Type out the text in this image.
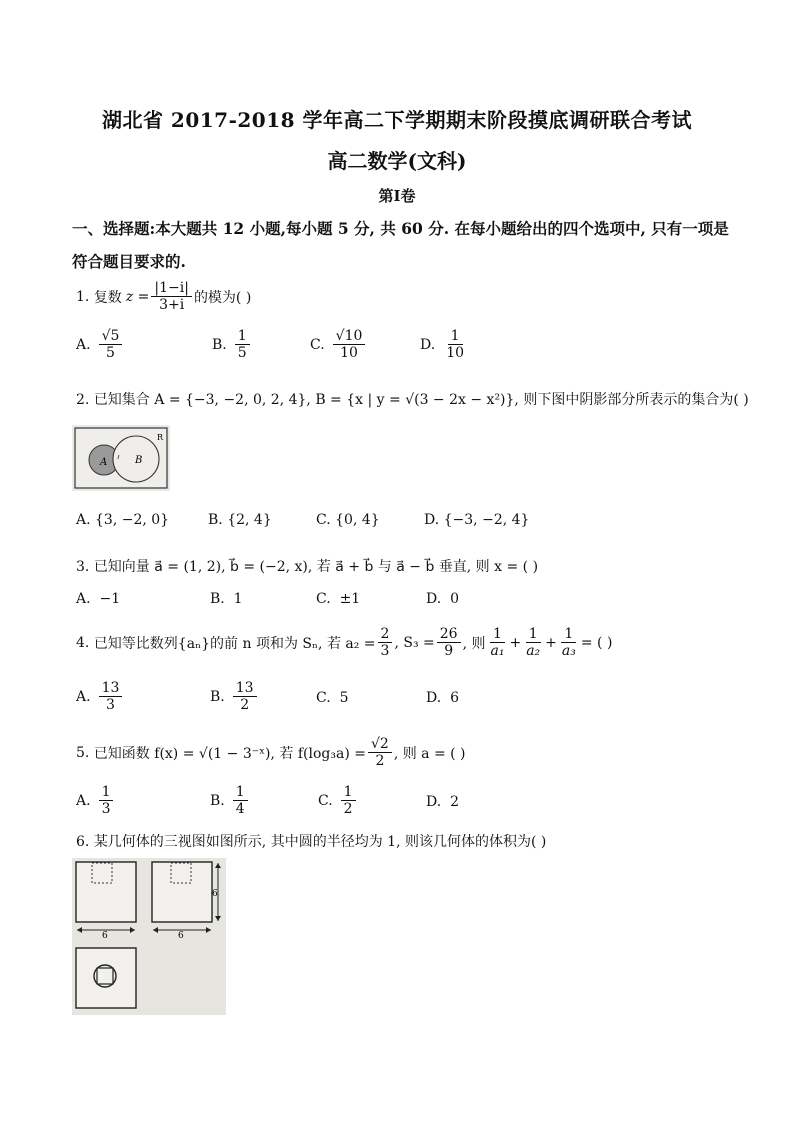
湖北省 2017-2018 学年高二下学期期末阶段摸底调研联合考试
高二数学(文科)
第Ⅰ卷
一、选择题:本大题共 12 小题,每小题 5 分, 共 60 分. 在每小题给出的四个选项中, 只有一项是符合题目要求的.
1.
复数 $z = \frac{|1-i|}{3+i}$ 的模为( )
A. $\frac{√5}{5}$	B. $\frac{1}{5}$	C. $\frac{√10}{10}$	D. $\frac{1}{10}$
2. 已知集合 A = {−3, −2, 0, 2, 4}, B = {x | y = √(3 − 2x − x²)}, 则下图中阴影部分所表示的集合为( )
A	B
R
A.
{3, −2, 0}	B.
{2, 4}	C.
{0, 4}	D.
{−3, −2, 4}
3. 已知向量 a⃗ = (1, 2), b⃗ = (−2, x), 若 a⃗ + b⃗ 与 a⃗ − b⃗ 垂直, 则 x = ( )
A.
−1	B.
1	C.
±1	D.
0
4.
已知等比数列{aₙ}的前 n 项和为 Sₙ, 若 $a_2 = \frac{2}{3}$ , $S_3 = \frac{26}{9}$ , 则 $\frac{1}{\text{a₁}} + \frac{1}{\text{a₂}} + \frac{1}{\text{a₃}}$ = ( )
A. $\frac{13}{3}$	B. $\frac{13}{2}$	C.
5	D.
6
5.
已知函数 f(x) = √(1 − 3⁻ˣ), 若 $f(\log_3a) = \frac{√2}{2}$ , 则 a = ( )
A. $\frac{1}{3}$	B. $\frac{1}{4}$	C. $\frac{1}{2}$	D.
2
6. 某几何体的三视图如图所示, 其中圆的半径均为 1, 则该几何体的体积为( )
6	6
6
